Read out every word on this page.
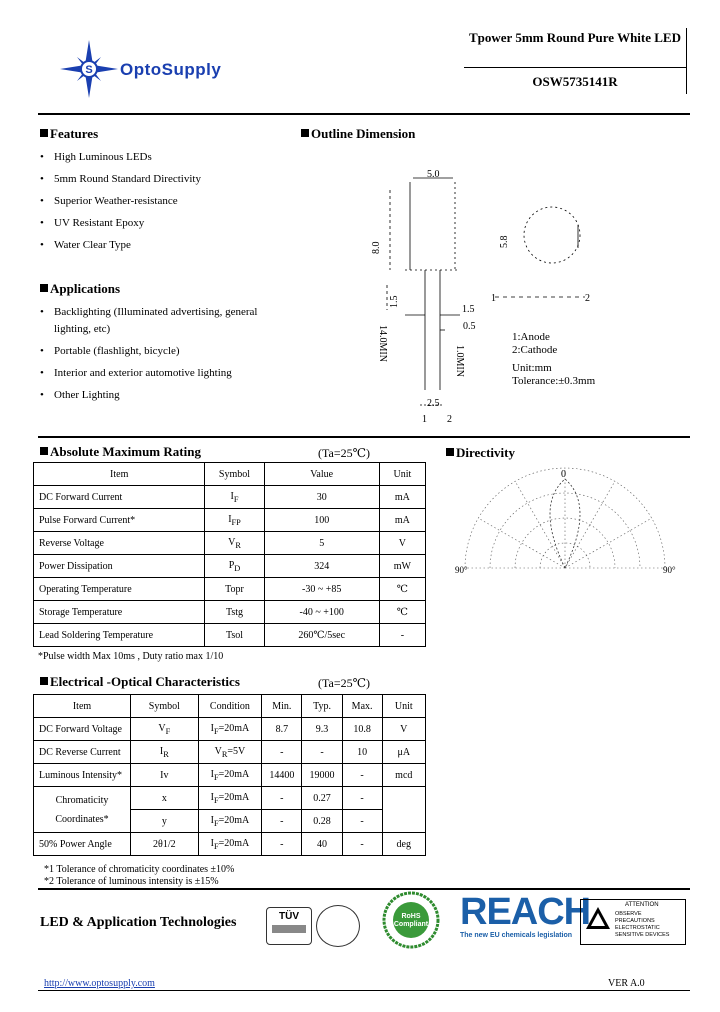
S OptoSupply
Tpower 5mm Round Pure White LED
OSW5735141R
Features
• High Luminous LEDs
• 5mm Round Standard Directivity
• Superior Weather-resistance
• UV Resistant Epoxy
• Water Clear Type
Applications
• Backlighting (Illuminated advertising, general lighting, etc)
• Portable (flashlight, bicycle)
• Interior and exterior automotive lighting
• Other Lighting
Outline Dimension
5.0
8.0	5.8
1.5
1.5
0.5
14.0MIN	1.0MIN
2.5
1 2
1	2
1:Anode
2:Cathode
Unit:mm
Tolerance:±0.3mm
Absolute Maximum Rating	(Ta=25℃)
Item	Symbol	Value	Unit
DC Forward Current	$I_F$	30	mA
Pulse Forward Current*	$I_{FP}$	100	mA
Reverse Voltage	$V_R$	5	V
Power Dissipation	$P_D$	324	mW
Operating Temperature	Topr	-30 ~ +85	℃
Storage Temperature	Tstg	-40 ~ +100	℃
Lead Soldering Temperature	Tsol	260℃/5sec	-
*Pulse width Max 10ms , Duty ratio max 1/10
Directivity
0
90°	90°
Electrical -Optical Characteristics	(Ta=25℃)
Item	Symbol	Condition	Min.	Typ.	Max.	Unit
DC Forward Voltage	$V_F$	$I_F=20mA$	8.7	9.3	10.8	V
DC Reverse Current	$I_R$	$V_R=5V$	-	-	10	μA
Luminous Intensity*	Iv	$I_F=20mA$	14400	19000	-	mcd

Chromaticity
Coordinates*	x	$I_F=20mA$	-	0.27	-	
	y	$I_F=20mA$	-	0.28	-	
50% Power Angle	2θ1/2	$I_F=20mA$	-	40	-	deg
*1 Tolerance of chromaticity coordinates ±10%
*2 Tolerance of luminous intensity is ±15%
LED & Application Technologies	TÜV	RoHS Compliant REACH
The new EU chemicals legislation
ATTENTION
OBSERVE PRECAUTIONS ELECTROSTATIC SENSITIVE DEVICES
http://www.optosupply.com	VER A.0
